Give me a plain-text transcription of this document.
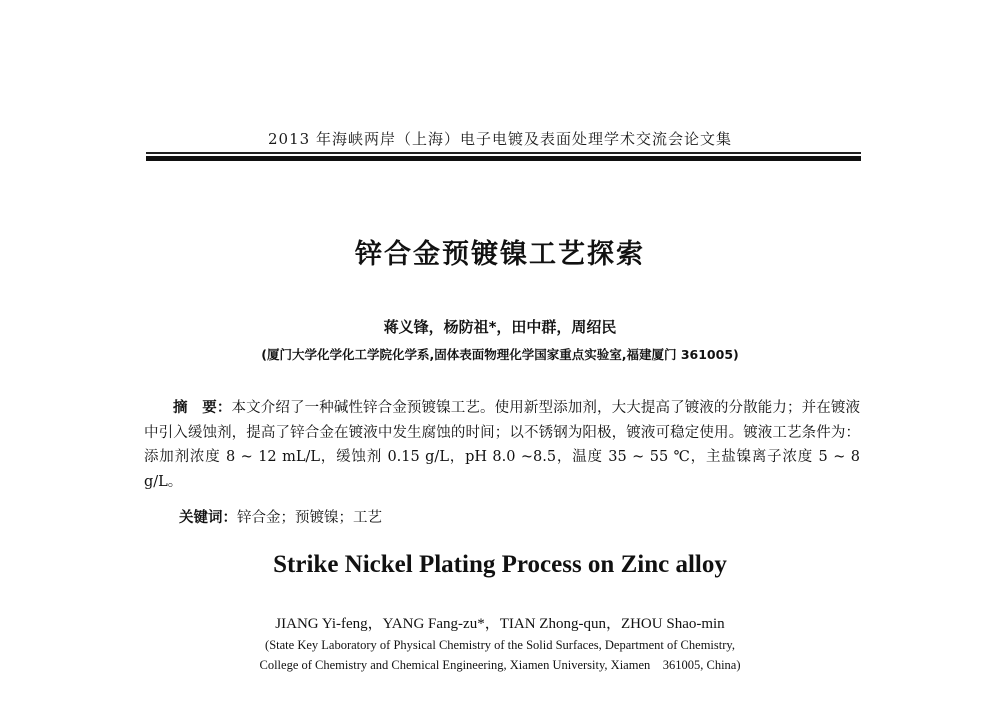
2013 年海峡两岸（上海）电子电镀及表面处理学术交流会论文集
锌合金预镀镍工艺探索
蒋义锋，杨防祖*，田中群，周绍民
(厦门大学化学化工学院化学系,固体表面物理化学国家重点实验室,福建厦门 361005)

摘　要：本文介绍了一种碱性锌合金预镀镍工艺。使用新型添加剂，大大提高了镀液的分散能力；并在镀液中引入缓蚀剂，提高了锌合金在镀液中发生腐蚀的时间；以不锈钢为阳极，镀液可稳定使用。镀液工艺条件为：添加剂浓度 8 ~ 12 mL/L，缓蚀剂 0.15 g/L，pH 8.0 ~8.5，温度 35 ~ 55 ℃，主盐镍离子浓度 5 ~ 8 g/L。

关键词：锌合金；预镀镍；工艺
Strike Nickel Plating Process on Zinc alloy
JIANG Yi-feng，YANG Fang-zu*，TIAN Zhong-qun，ZHOU Shao-min
(State Key Laboratory of Physical Chemistry of the Solid Surfaces, Department of Chemistry,
College of Chemistry and Chemical Engineering, Xiamen University, Xiamen　361005, China)
